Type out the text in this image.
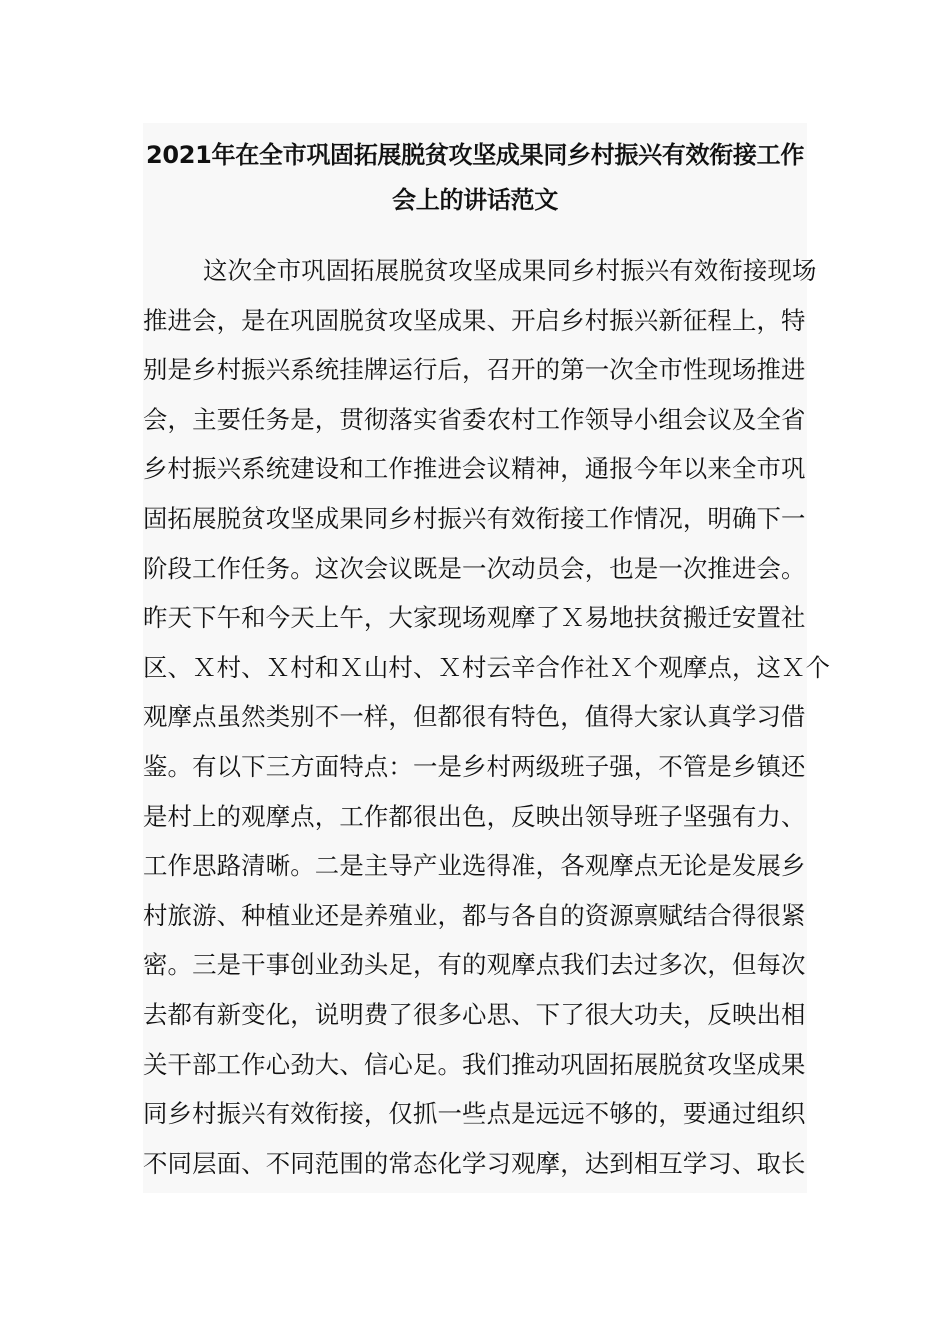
2021年在全市巩固拓展脱贫攻坚成果同乡村振兴有效衔接工作
会上的讲话范文
这次全市巩固拓展脱贫攻坚成果同乡村振兴有效衔接现场
推进会，是在巩固脱贫攻坚成果、开启乡村振兴新征程上，特
别是乡村振兴系统挂牌运行后，召开的第一次全市性现场推进
会，主要任务是，贯彻落实省委农村工作领导小组会议及全省
乡村振兴系统建设和工作推进会议精神，通报今年以来全市巩
固拓展脱贫攻坚成果同乡村振兴有效衔接工作情况，明确下一
阶段工作任务。这次会议既是一次动员会，也是一次推进会。
昨天下午和今天上午，大家现场观摩了Ｘ易地扶贫搬迁安置社
区、Ｘ村、Ｘ村和Ｘ山村、Ｘ村云辛合作社Ｘ个观摩点，这Ｘ个
观摩点虽然类别不一样，但都很有特色，值得大家认真学习借
鉴。有以下三方面特点：一是乡村两级班子强，不管是乡镇还
是村上的观摩点，工作都很出色，反映出领导班子坚强有力、
工作思路清晰。二是主导产业选得准，各观摩点无论是发展乡
村旅游、种植业还是养殖业，都与各自的资源禀赋结合得很紧
密。三是干事创业劲头足，有的观摩点我们去过多次，但每次
去都有新变化，说明费了很多心思、下了很大功夫，反映出相
关干部工作心劲大、信心足。我们推动巩固拓展脱贫攻坚成果
同乡村振兴有效衔接，仅抓一些点是远远不够的，要通过组织
不同层面、不同范围的常态化学习观摩，达到相互学习、取长
